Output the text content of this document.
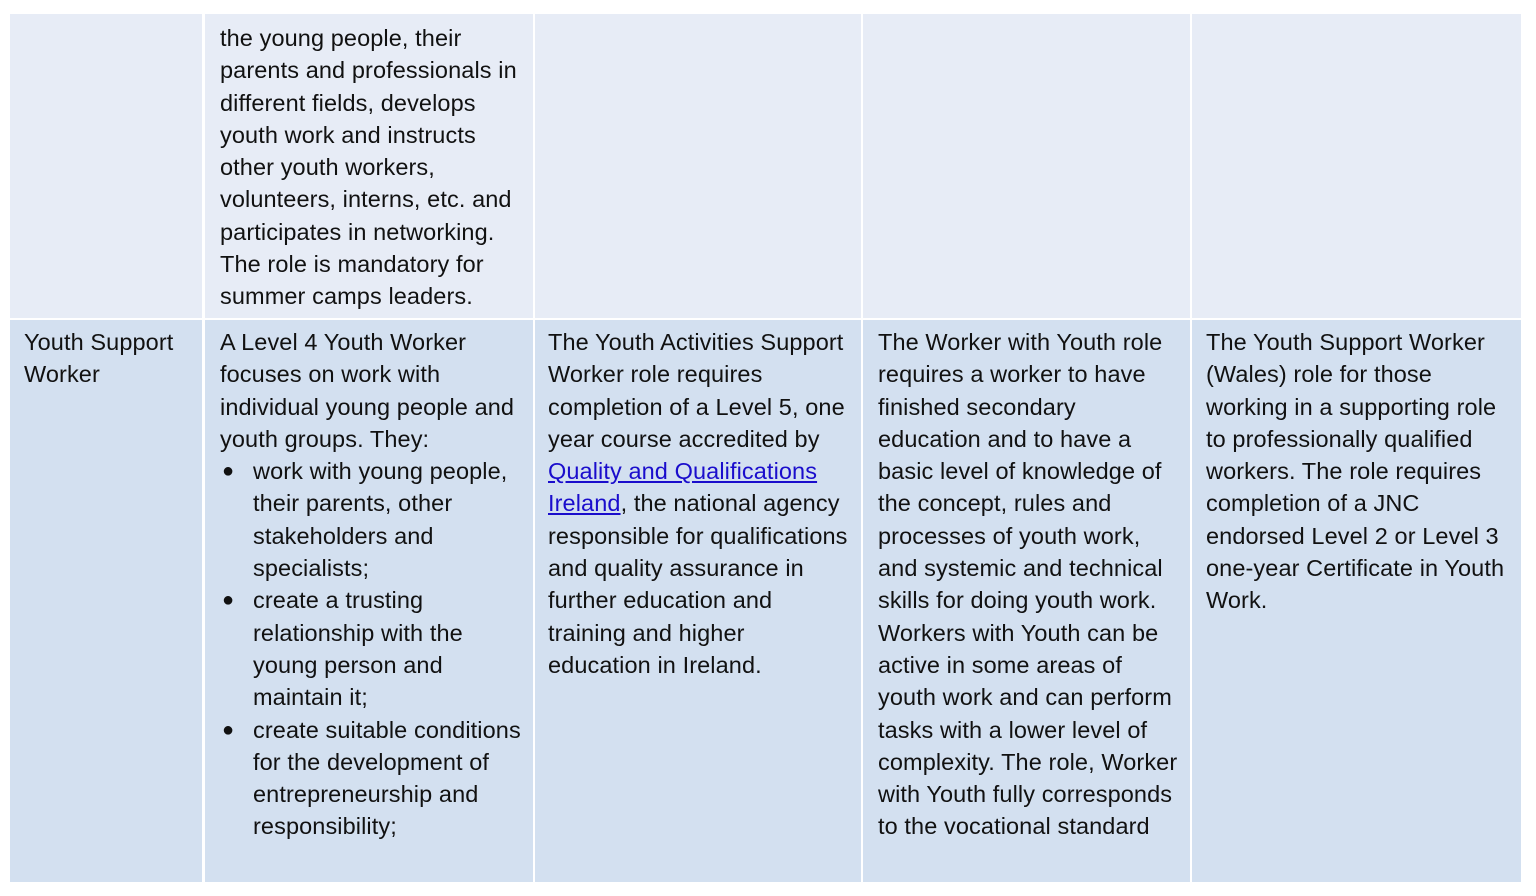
the young people, their parents and professionals in different fields, develops youth work and instructs other youth workers, volunteers, interns, etc. and participates in networking. The role is mandatory for summer camps leaders.

Youth Support Worker

A Level 4 Youth Worker focuses on work with individual young people and youth groups. They:

● work with young people, their parents, other stakeholders and specialists;
● create a trusting relationship with the young person and maintain it;
● create suitable conditions for the development of entrepreneurship and responsibility;

The Youth Activities Support Worker role requires completion of a Level 5, one year course accredited by Quality and Qualifications Ireland, the national agency responsible for qualifications and quality assurance in further education and training and higher education in Ireland.

The Worker with Youth role requires a worker to have finished secondary education and to have a basic level of knowledge of the concept, rules and processes of youth work, and systemic and technical skills for doing youth work. Workers with Youth can be active in some areas of youth work and can perform tasks with a lower level of complexity. The role, Worker with Youth fully corresponds to the vocational standard

The Youth Support Worker (Wales) role for those working in a supporting role to professionally qualified workers. The role requires completion of a JNC endorsed Level 2 or Level 3 one-year Certificate in Youth Work.
